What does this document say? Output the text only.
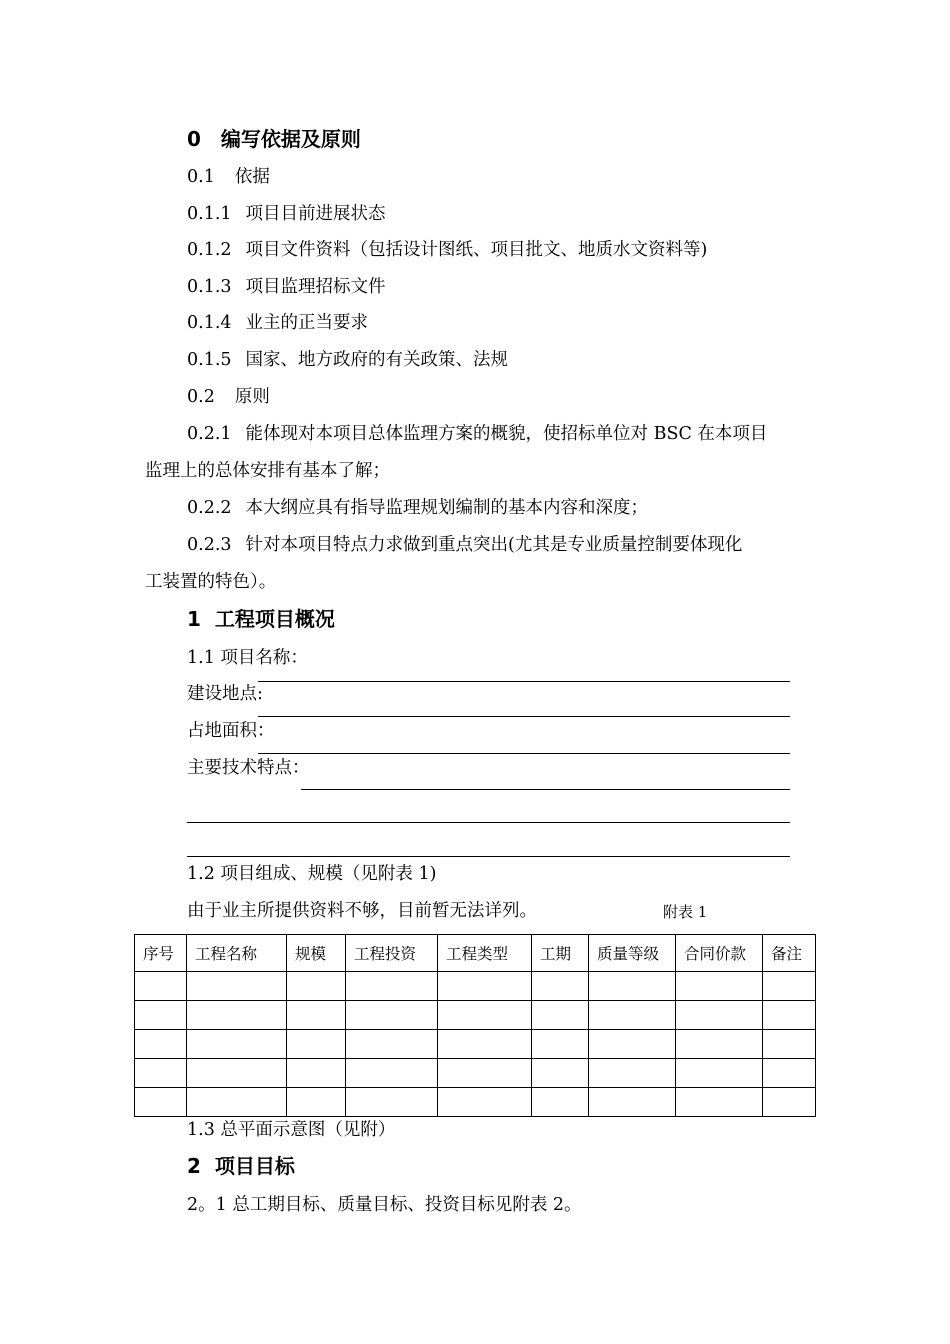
0 编写依据及原则
0.1 依据
0.1.1 项目目前进展状态
0.1.2 项目文件资料（包括设计图纸、项目批文、地质水文资料等)
0.1.3 项目监理招标文件
0.1.4 业主的正当要求
0.1.5 国家、地方政府的有关政策、法规
0.2 原则
0.2.1 能体现对本项目总体监理方案的概貌，使招标单位对 BSC 在本项目
监理上的总体安排有基本了解；
0.2.2 本大纲应具有指导监理规划编制的基本内容和深度；
0.2.3 针对本项目特点力求做到重点突出(尤其是专业质量控制要体现化
工装置的特色）。
1 工程项目概况
1.1 项目名称：
建设地点:
占地面积：
主要技术特点：
1.2 项目组成、规模（见附表 1)
由于业主所提供资料不够，目前暂无法详列。	附表 1
序号	工程名称	规模	工程投资	工程类型	工期	质量等级	合同价款	备注

1.3 总平面示意图（见附）
2 项目目标
2。1 总工期目标、质量目标、投资目标见附表 2。
